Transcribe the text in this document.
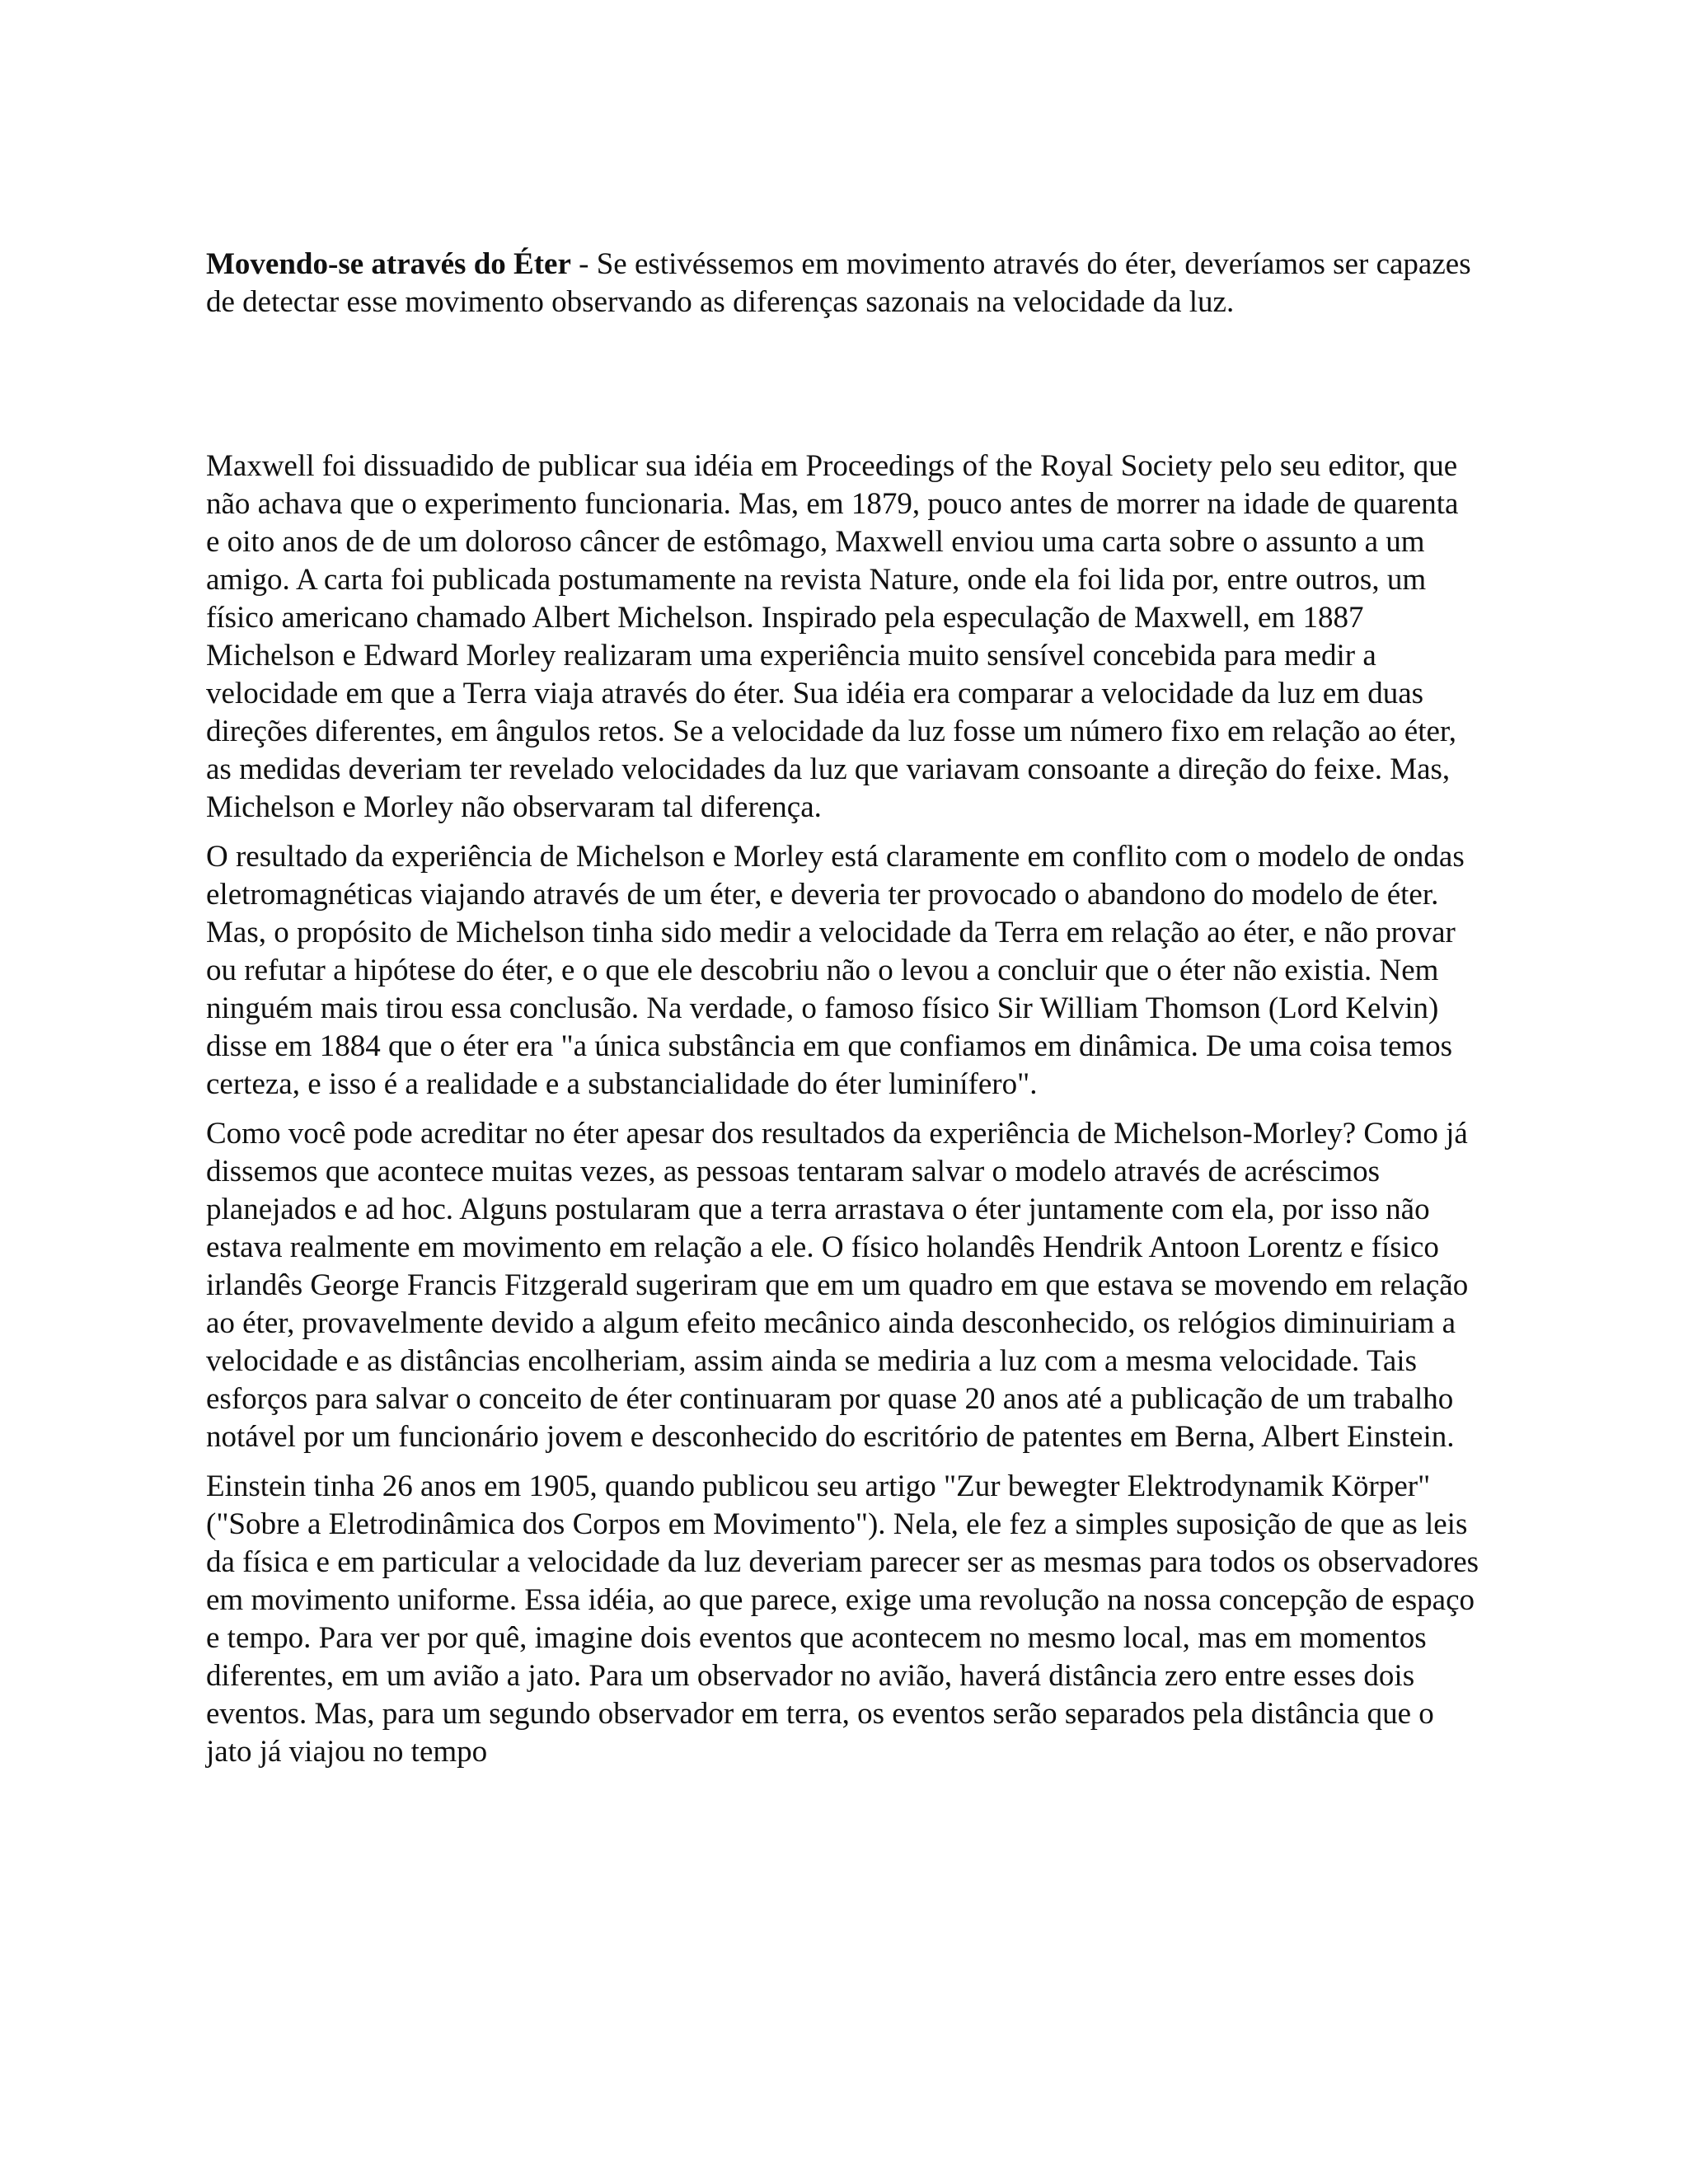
Movendo-se através do Éter - Se estivéssemos em movimento através do éter, deveríamos ser capazes de detectar esse movimento observando as diferenças sazonais na velocidade da luz.

Maxwell foi dissuadido de publicar sua idéia em Proceedings of the Royal Society pelo seu editor, que não achava que o experimento funcionaria. Mas, em 1879, pouco antes de morrer na idade de quarenta e oito anos de de um doloroso câncer de estômago, Maxwell enviou uma carta sobre o assunto a um amigo. A carta foi publicada postumamente na revista Nature, onde ela foi lida por, entre outros, um físico americano chamado Albert Michelson. Inspirado pela especulação de Maxwell, em 1887 Michelson e Edward Morley realizaram uma experiência muito sensível concebida para medir a velocidade em que a Terra viaja através do éter. Sua idéia era comparar a velocidade da luz em duas direções diferentes, em ângulos retos. Se a velocidade da luz fosse um número fixo em relação ao éter, as medidas deveriam ter revelado velocidades da luz que variavam consoante a direção do feixe. Mas, Michelson e Morley não observaram tal diferença.

O resultado da experiência de Michelson e Morley está claramente em conflito com o modelo de ondas eletromagnéticas viajando através de um éter, e deveria ter provocado o abandono do modelo de éter. Mas, o propósito de Michelson tinha sido medir a velocidade da Terra em relação ao éter, e não provar ou refutar a hipótese do éter, e o que ele descobriu não o levou a concluir que o éter não existia. Nem ninguém mais tirou essa conclusão. Na verdade, o famoso físico Sir William Thomson (Lord Kelvin) disse em 1884 que o éter era "a única substância em que confiamos em dinâmica. De uma coisa temos certeza, e isso é a realidade e a substancialidade do éter luminífero".

Como você pode acreditar no éter apesar dos resultados da experiência de Michelson-Morley? Como já dissemos que acontece muitas vezes, as pessoas tentaram salvar o modelo através de acréscimos planejados e ad hoc. Alguns postularam que a terra arrastava o éter juntamente com ela, por isso não estava realmente em movimento em relação a ele. O físico holandês Hendrik Antoon Lorentz e físico irlandês George Francis Fitzgerald sugeriram que em um quadro em que estava se movendo em relação ao éter, provavelmente devido a algum efeito mecânico ainda desconhecido, os relógios diminuiriam a velocidade e as distâncias encolheriam, assim ainda se mediria a luz com a mesma velocidade. Tais esforços para salvar o conceito de éter continuaram por quase 20 anos até a publicação de um trabalho notável por um funcionário jovem e desconhecido do escritório de patentes em Berna, Albert Einstein.

Einstein tinha 26 anos em 1905, quando publicou seu artigo "Zur bewegter Elektrodynamik Körper" ("Sobre a Eletrodinâmica dos Corpos em Movimento"). Nela, ele fez a simples suposição de que as leis da física e em particular a velocidade da luz deveriam parecer ser as mesmas para todos os observadores em movimento uniforme. Essa idéia, ao que parece, exige uma revolução na nossa concepção de espaço e tempo. Para ver por quê, imagine dois eventos que acontecem no mesmo local, mas em momentos diferentes, em um avião a jato. Para um observador no avião, haverá distância zero entre esses dois eventos. Mas, para um segundo observador em terra, os eventos serão separados pela distância que o jato já viajou no tempo
